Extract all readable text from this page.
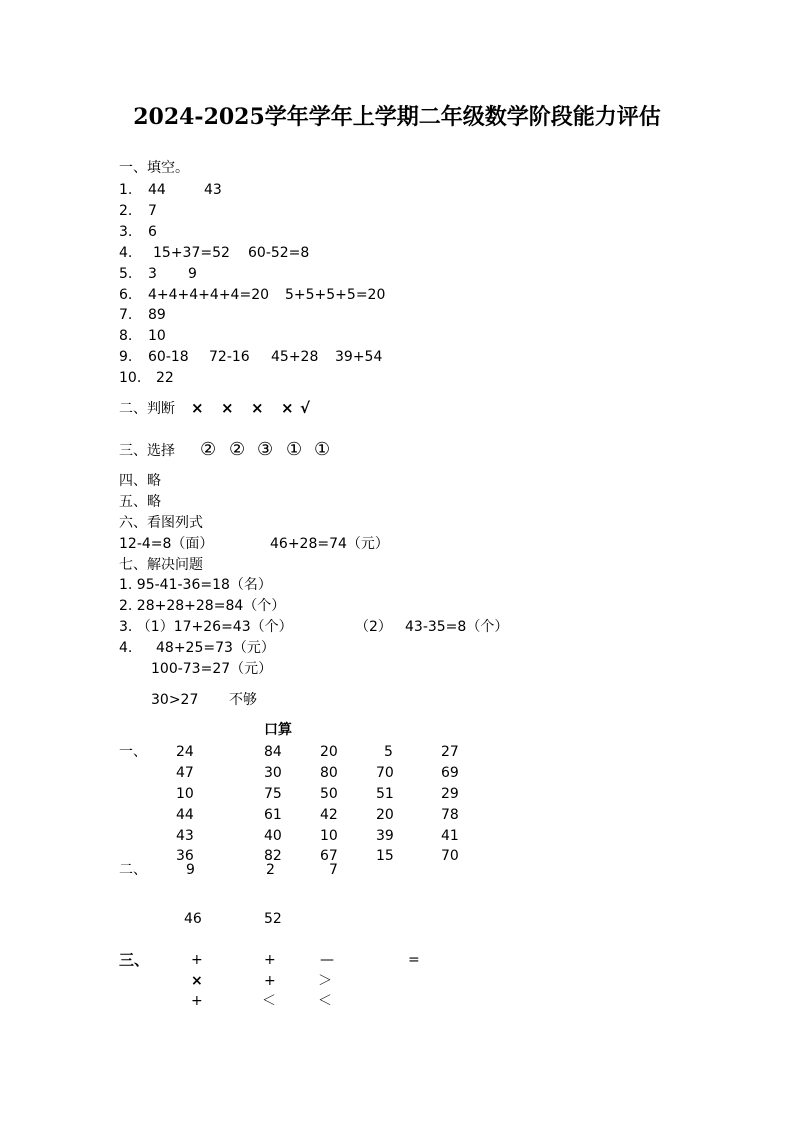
2024-2025学年学年上学期二年级数学阶段能力评估
一、填空。
1. 44	43
2. 7
3. 6
4. 15+37=52 60-52=8
5. 3 9
6. 4+4+4+4+4=20 5+5+5+5=20
7. 89
8. 10
9. 60-18 72-16 45+28 39+54
10. 22
二、判断 × × × × √
三、选择 ② ② ③ ① ①
四、略
五、略
六、看图列式
12-4=8（面）	46+28=74（元）
七、解决问题
1. 95-41-36=18（名）
2. 28+28+28=84（个）
3. （1）17+26=43（个）	（2） 43-35=8（个）
4. 48+25=73（元）
100-73=27（元）
30>27 不够
口算
一、 24	84	20	5	27
47	30	80	70	69
10	75	50	51	29
44	61	42	20	78
43	40	10	39	41
36	82	67	15	70
二、	9	2	7
46	52
三、	+	+	—	=
×	+	＞
+	＜	＜
